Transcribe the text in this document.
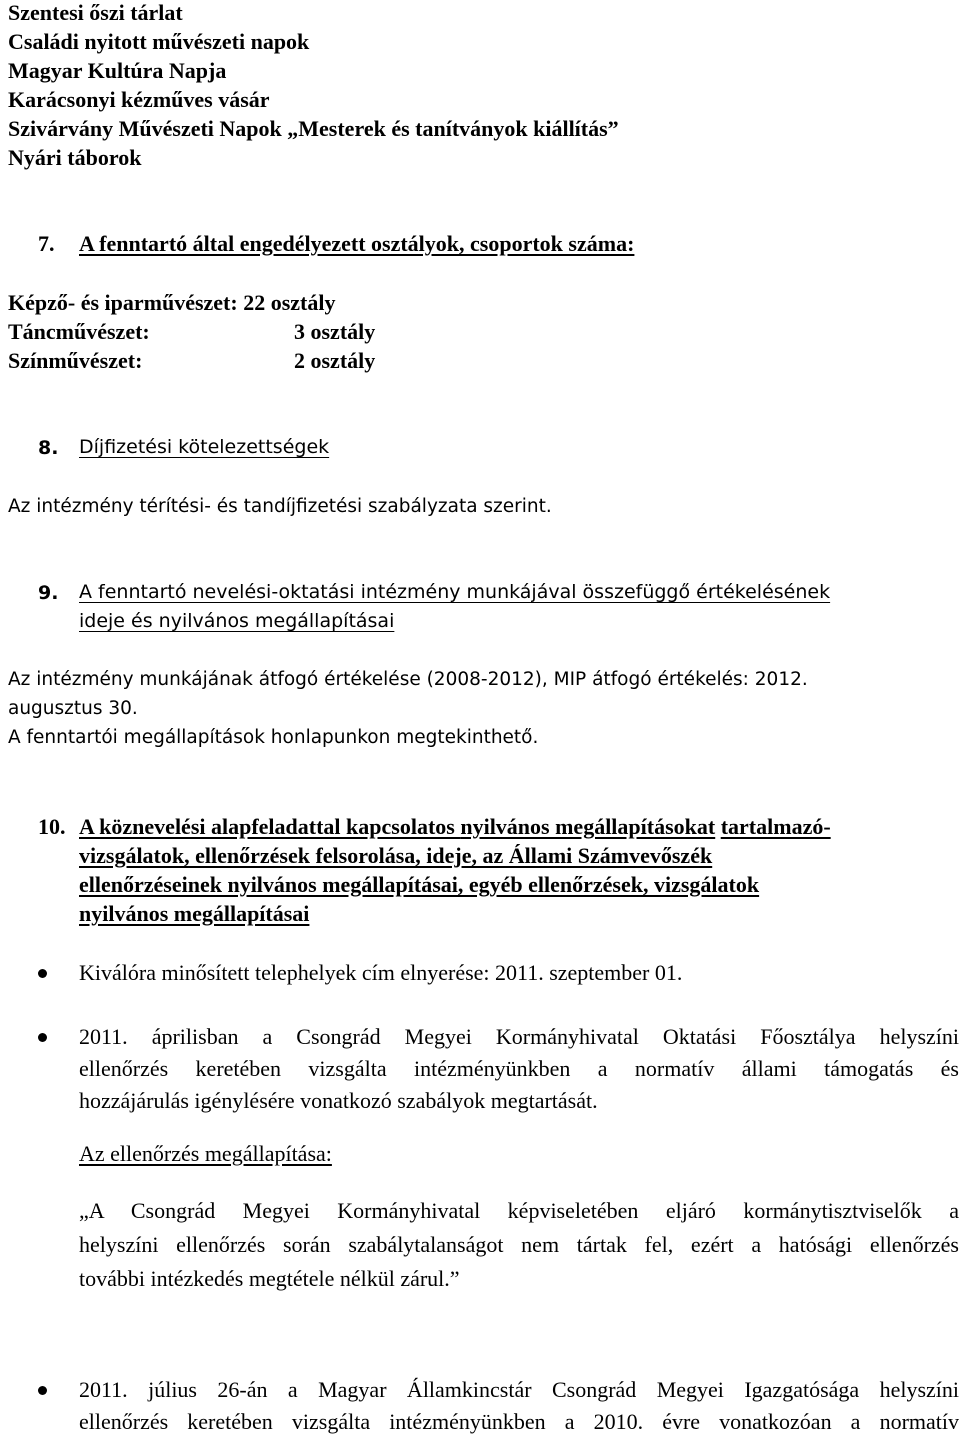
Szentesi őszi tárlat

Családi nyitott művészeti napok

Magyar Kultúra Napja

Karácsonyi kézműves vásár

Szivárvány Művészeti Napok „Mesterek és tanítványok kiállítás”

Nyári táborok

7. A fenntartó által engedélyezett osztályok, csoportok száma:

Képző- és iparművészet: 22 osztály

Táncművészet:	3 osztály

Színművészet:	2 osztály

8. Díjfizetési kötelezettségek

Az intézmény térítési- és tandíjfizetési szabályzata szerint.

9. A fenntartó nevelési-oktatási intézmény munkájával összefüggő értékelésének
ideje és nyilvános megállapításai

Az intézmény munkájának átfogó értékelése (2008-2012), MIP átfogó értékelés: 2012.

augusztus 30.

A fenntartói megállapítások honlapunkon megtekinthető.

10. A köznevelési alapfeladattal kapcsolatos nyilvános megállapításokat tartalmazó-
vizsgálatok, ellenőrzések felsorolása, ideje, az Állami Számvevőszék
ellenőrzéseinek nyilvános megállapításai, egyéb ellenőrzések, vizsgálatok
nyilvános megállapításai
Kiválóra minősített telephelyek cím elnyerése: 2011. szeptember 01.
2011. áprilisban a Csongrád Megyei Kormányhivatal Oktatási Főosztálya helyszíni
ellenőrzés keretében vizsgálta intézményünkben a normatív állami támogatás és
hozzájárulás igénylésére vonatkozó szabályok megtartását.
Az ellenőrzés megállapítása:
„A Csongrád Megyei Kormányhivatal képviseletében eljáró kormánytisztviselők a
helyszíni ellenőrzés során szabálytalanságot nem tártak fel, ezért a hatósági ellenőrzés
további intézkedés megtétele nélkül zárul.”
2011. július 26-án a Magyar Államkincstár Csongrád Megyei Igazgatósága helyszíni
ellenőrzés keretében vizsgálta intézményünkben a 2010. évre vonatkozóan a normatív
